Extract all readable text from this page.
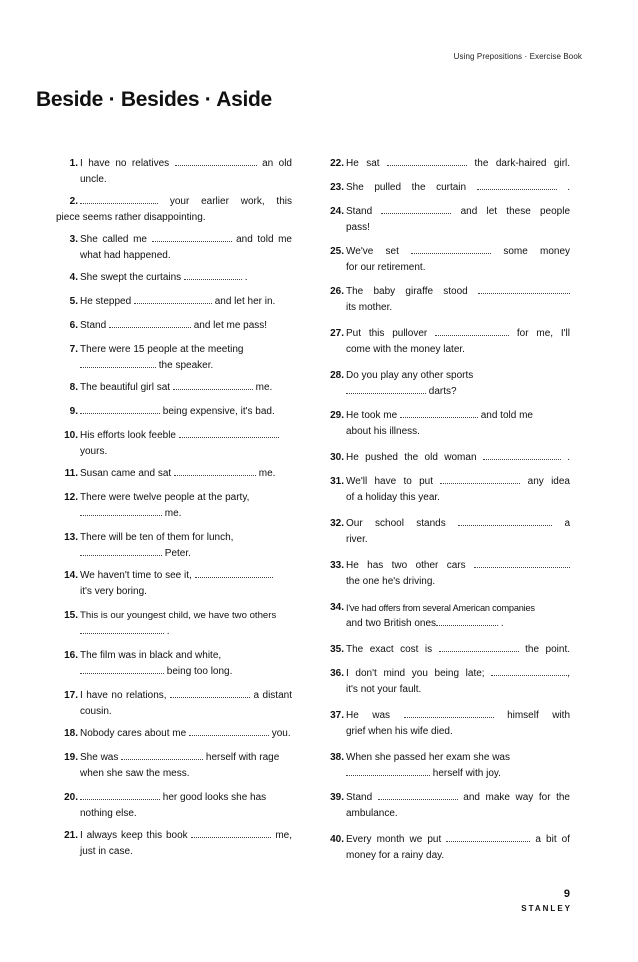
Using Prepositions · Exercise Book
Beside · Besides · Aside
1. I have no relatives	an old
uncle.
2.	your earlier work, this
piece seems rather disappointing.
3. She called me	and told me
what had happened.
4. She swept the curtains	.
5. He stepped	and let her in.
6. Stand	and let me pass!
7. There were 15 people at the meeting
the speaker.
8. The beautiful girl sat	me.
9.	being expensive, it's bad.
10. His efforts look feeble
yours.
11. Susan came and sat	me.
12. There were twelve people at the party,
me.
13. There will be ten of them for lunch,
Peter.
14. We haven't time to see it,
it's very boring.
15. This is our youngest child, we have two others
.
16. The film was in black and white,
being too long.
17. I have no relations,	a distant
cousin.
18. Nobody cares about me	you.
19. She was	herself with rage
when she saw the mess.
20.	her good looks she has
nothing else.
21. I always keep this book	me,
just in case.
22. He sat	the dark-haired girl.
23. She pulled the curtain	.
24. Stand	and let these people
pass!
25. We've set	some money
for our retirement.
26. The baby giraffe stood
its mother.
27. Put this pullover	for me, I'll
come with the money later.
28. Do you play any other sports
darts?
29. He took me	and told me
about his illness.
30. He pushed the old woman	.
31. We'll have to put	any idea
of a holiday this year.
32. Our school stands	a
river.
33. He has two other cars
the one he's driving.
34. I've had offers from several American companies
and two British ones	.
35. The exact cost is	the point.
36. I don't mind you being late;	,
it's not your fault.
37. He was	himself with
grief when his wife died.
38. When she passed her exam she was
herself with joy.
39. Stand	and make way for the
ambulance.
40. Every month we put	a bit of
money for a rainy day.
9
STANLEY
